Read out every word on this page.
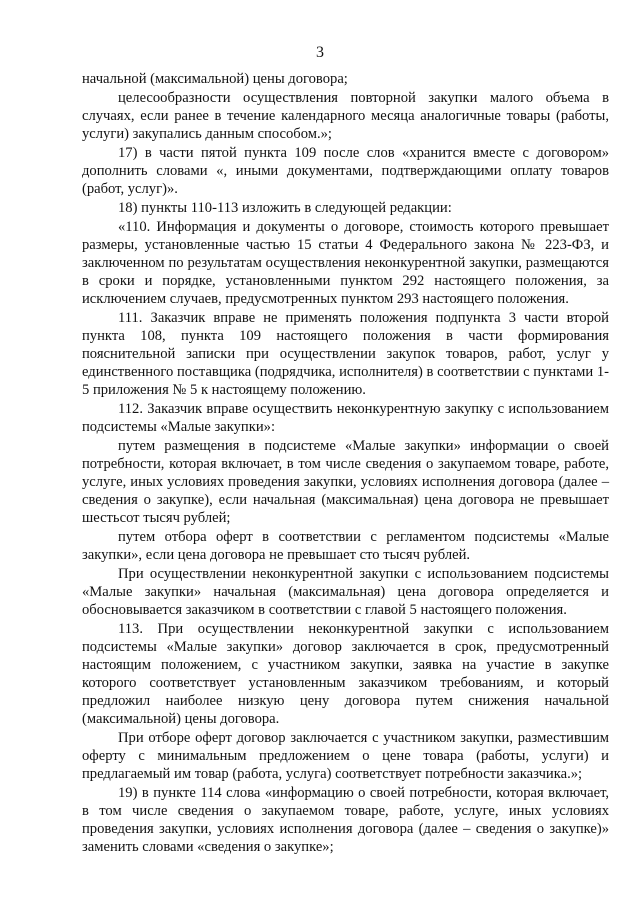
3

начальной (максимальной) цены договора;

целесообразности осуществления повторной закупки малого объема в случаях, если ранее в течение календарного месяца аналогичные товары (работы, услуги) закупались данным способом.»;

17) в части пятой пункта 109 после слов «хранится вместе с договором» дополнить словами «, иными документами, подтверждающими оплату товаров (работ, услуг)».

18) пункты 110-113 изложить в следующей редакции:

«110. Информация и документы о договоре, стоимость которого превышает размеры, установленные частью 15 статьи 4 Федерального закона № 223-ФЗ, и заключенном по результатам осуществления неконкурентной закупки, размещаются в сроки и порядке, установленными пунктом 292 настоящего положения, за исключением случаев, предусмотренных пунктом 293 настоящего положения.

111. Заказчик вправе не применять положения подпункта 3 части второй пункта 108, пункта 109 настоящего положения в части формирования пояснительной записки при осуществлении закупок товаров, работ, услуг у единственного поставщика (подрядчика, исполнителя) в соответствии с пунктами 1-5 приложения № 5 к настоящему положению.

112. Заказчик вправе осуществить неконкурентную закупку с использованием подсистемы «Малые закупки»:

путем размещения в подсистеме «Малые закупки» информации о своей потребности, которая включает, в том числе сведения о закупаемом товаре, работе, услуге, иных условиях проведения закупки, условиях исполнения договора (далее – сведения о закупке), если начальная (максимальная) цена договора не превышает шестьсот тысяч рублей;

путем отбора оферт в соответствии с регламентом подсистемы «Малые закупки», если цена договора не превышает сто тысяч рублей.

При осуществлении неконкурентной закупки с использованием подсистемы «Малые закупки» начальная (максимальная) цена договора определяется и обосновывается заказчиком в соответствии с главой 5 настоящего положения.

113. При осуществлении неконкурентной закупки с использованием подсистемы «Малые закупки» договор заключается в срок, предусмотренный настоящим положением, с участником закупки, заявка на участие в закупке которого соответствует установленным заказчиком требованиям, и который предложил наиболее низкую цену договора путем снижения начальной (максимальной) цены договора.

При отборе оферт договор заключается с участником закупки, разместившим оферту с минимальным предложением о цене товара (работы, услуги) и предлагаемый им товар (работа, услуга) соответствует потребности заказчика.»;

19) в пункте 114 слова «информацию о своей потребности, которая включает, в том числе сведения о закупаемом товаре, работе, услуге, иных условиях проведения закупки, условиях исполнения договора (далее – сведения о закупке)» заменить словами «сведения о закупке»;
